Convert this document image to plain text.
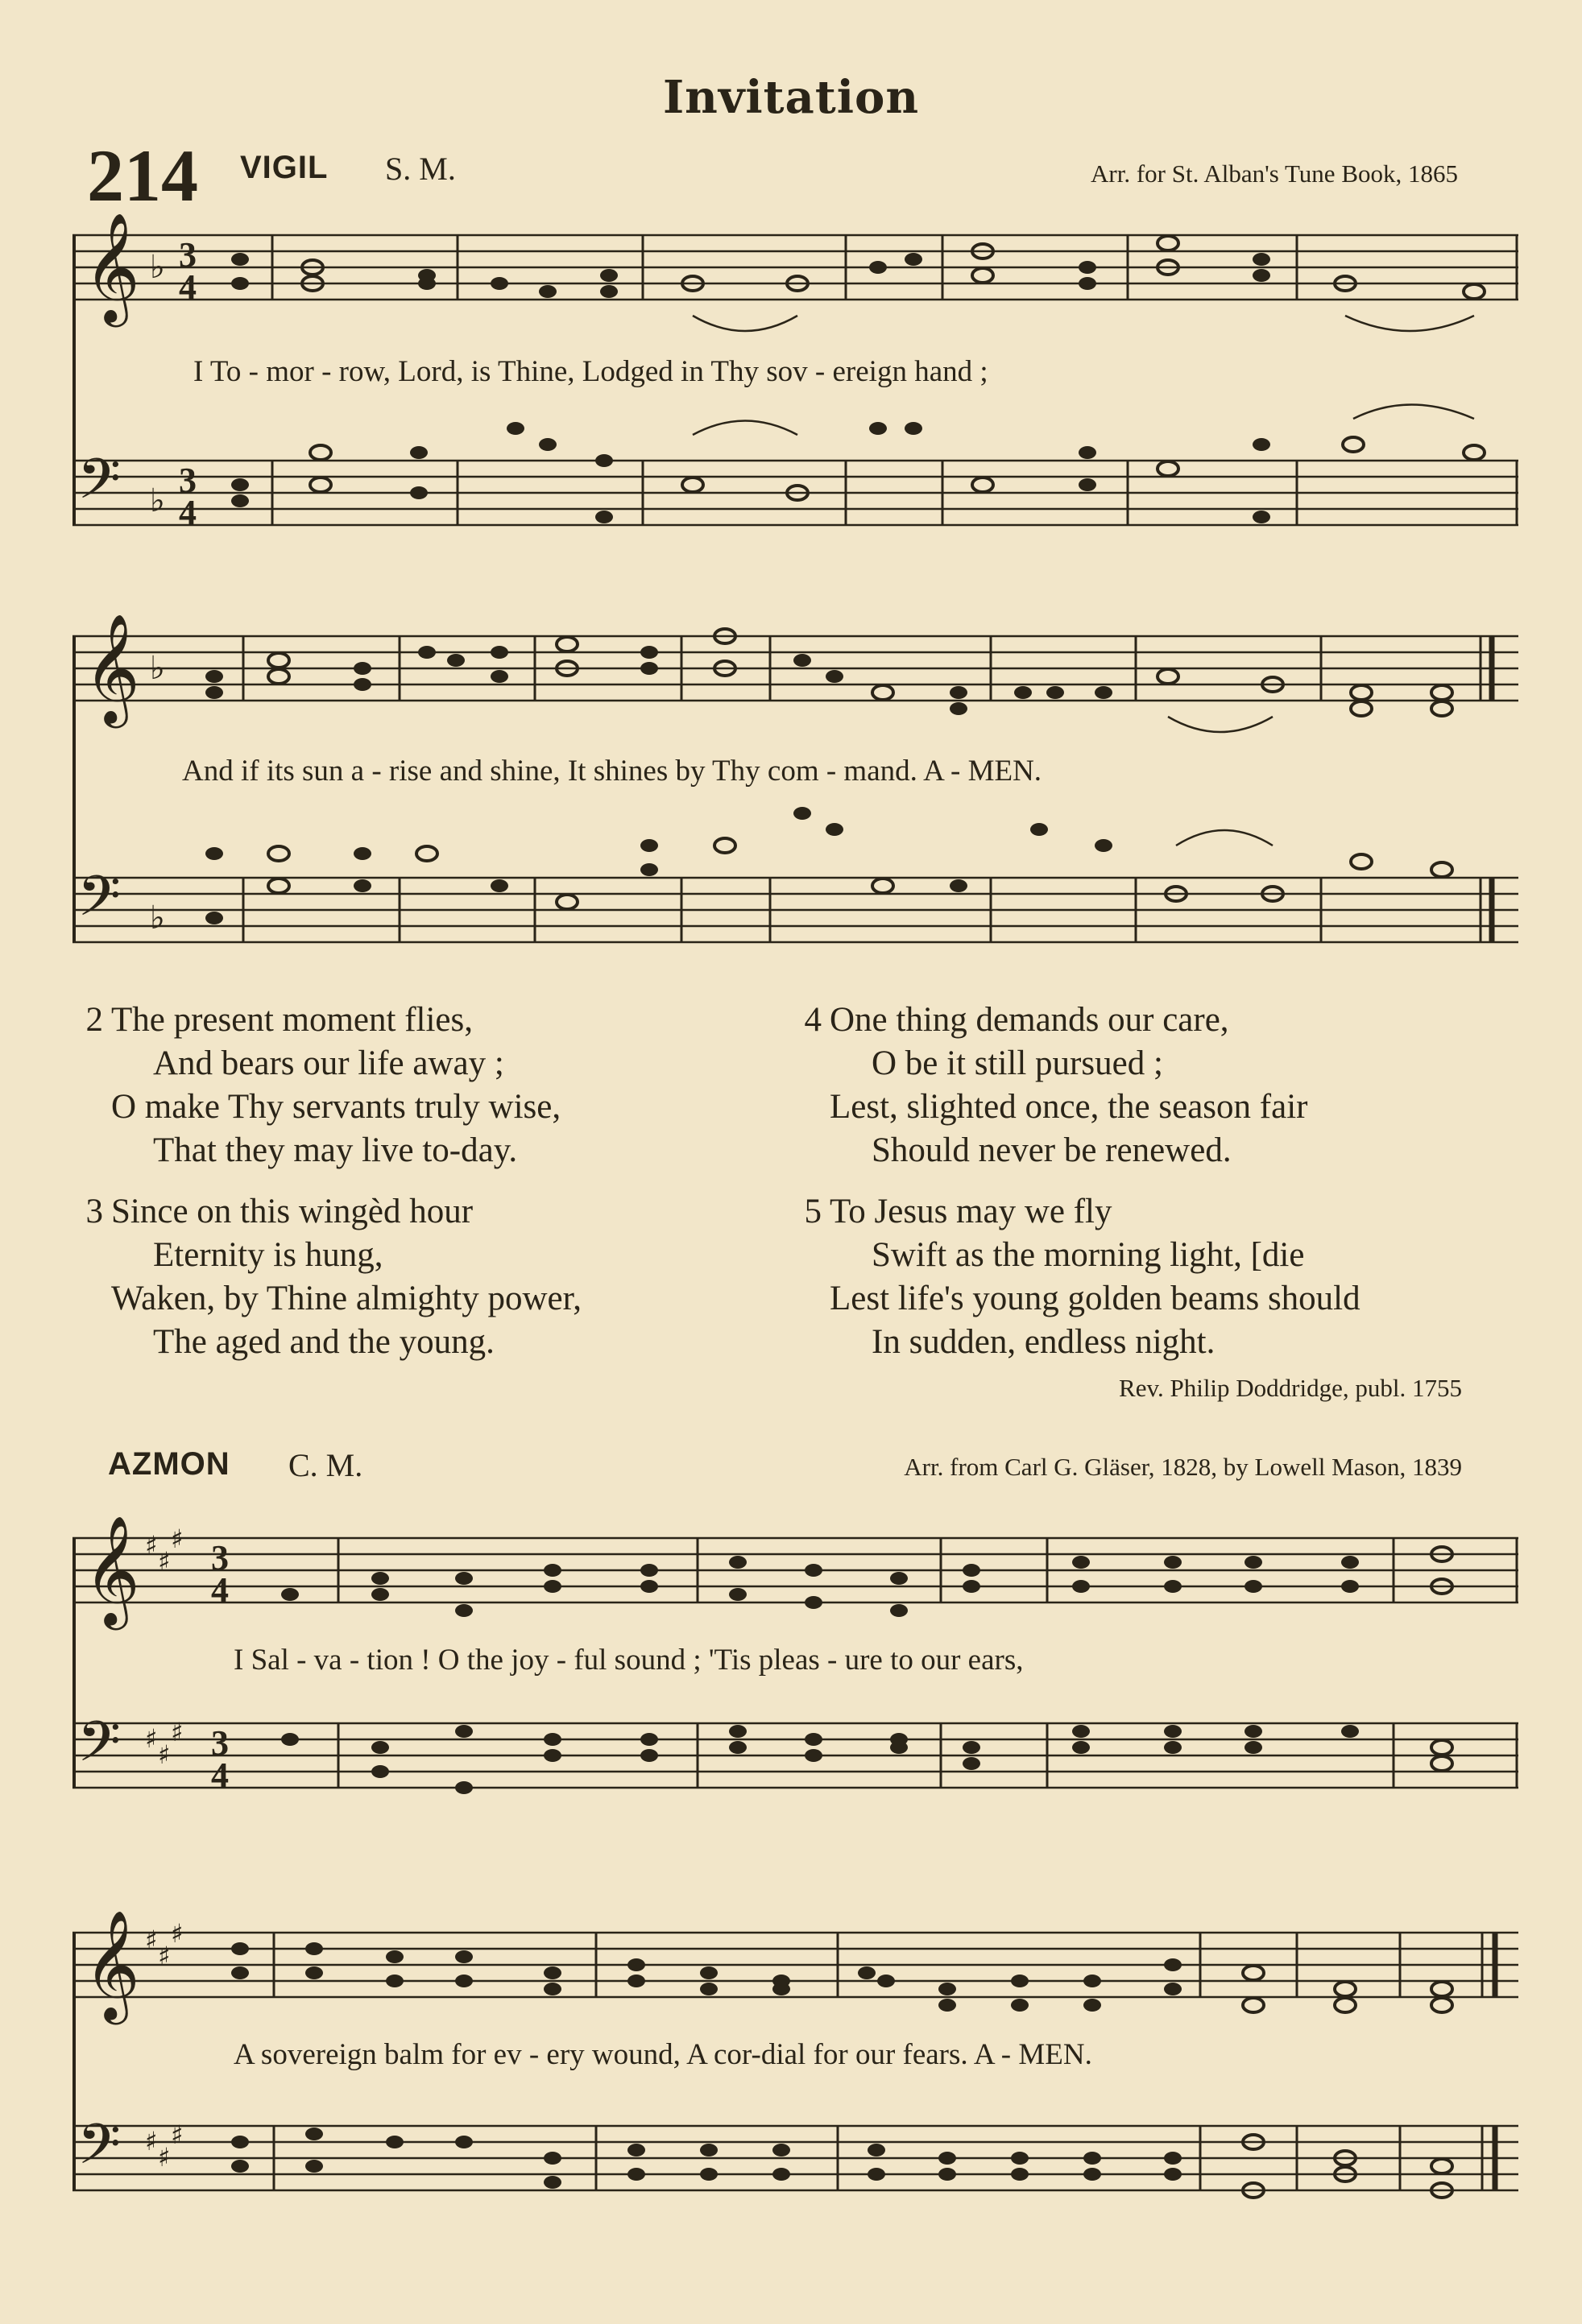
Invitation
214 VIGIL S. M.	Arr. for St. Alban's Tune Book, 1865
𝄞
𝄢
♭
♭
3
4
3
4
𝄞
𝄢
♭
♭
𝄞
𝄢
♯
♯
♯
♯
♯
♯
3
4
3
4
𝄞
𝄢
♯
♯
♯
♯
♯
♯
I To - mor - row, Lord, is Thine, Lodged in Thy sov - ereign hand ;
And if its sun a - rise and shine, It shines by Thy com - mand. A - MEN.
2 The present moment flies,
And bears our life away ;
O make Thy servants truly wise,
That they may live to-day.
3 Since on this wingèd hour
Eternity is hung,
Waken, by Thine almighty power,
The aged and the young.
4 One thing demands our care,
O be it still pursued ;
Lest, slighted once, the season fair
Should never be renewed.
5 To Jesus may we fly
Swift as the morning light, [die
Lest life's young golden beams should
In sudden, endless night.
Rev. Philip Doddridge, publ. 1755
AZMON C. M.	Arr. from Carl G. Gläser, 1828, by Lowell Mason, 1839
I Sal - va - tion ! O the joy - ful sound ; 'Tis pleas - ure to our ears,
A sovereign balm for ev - ery wound, A cor-dial for our fears. A - MEN.
